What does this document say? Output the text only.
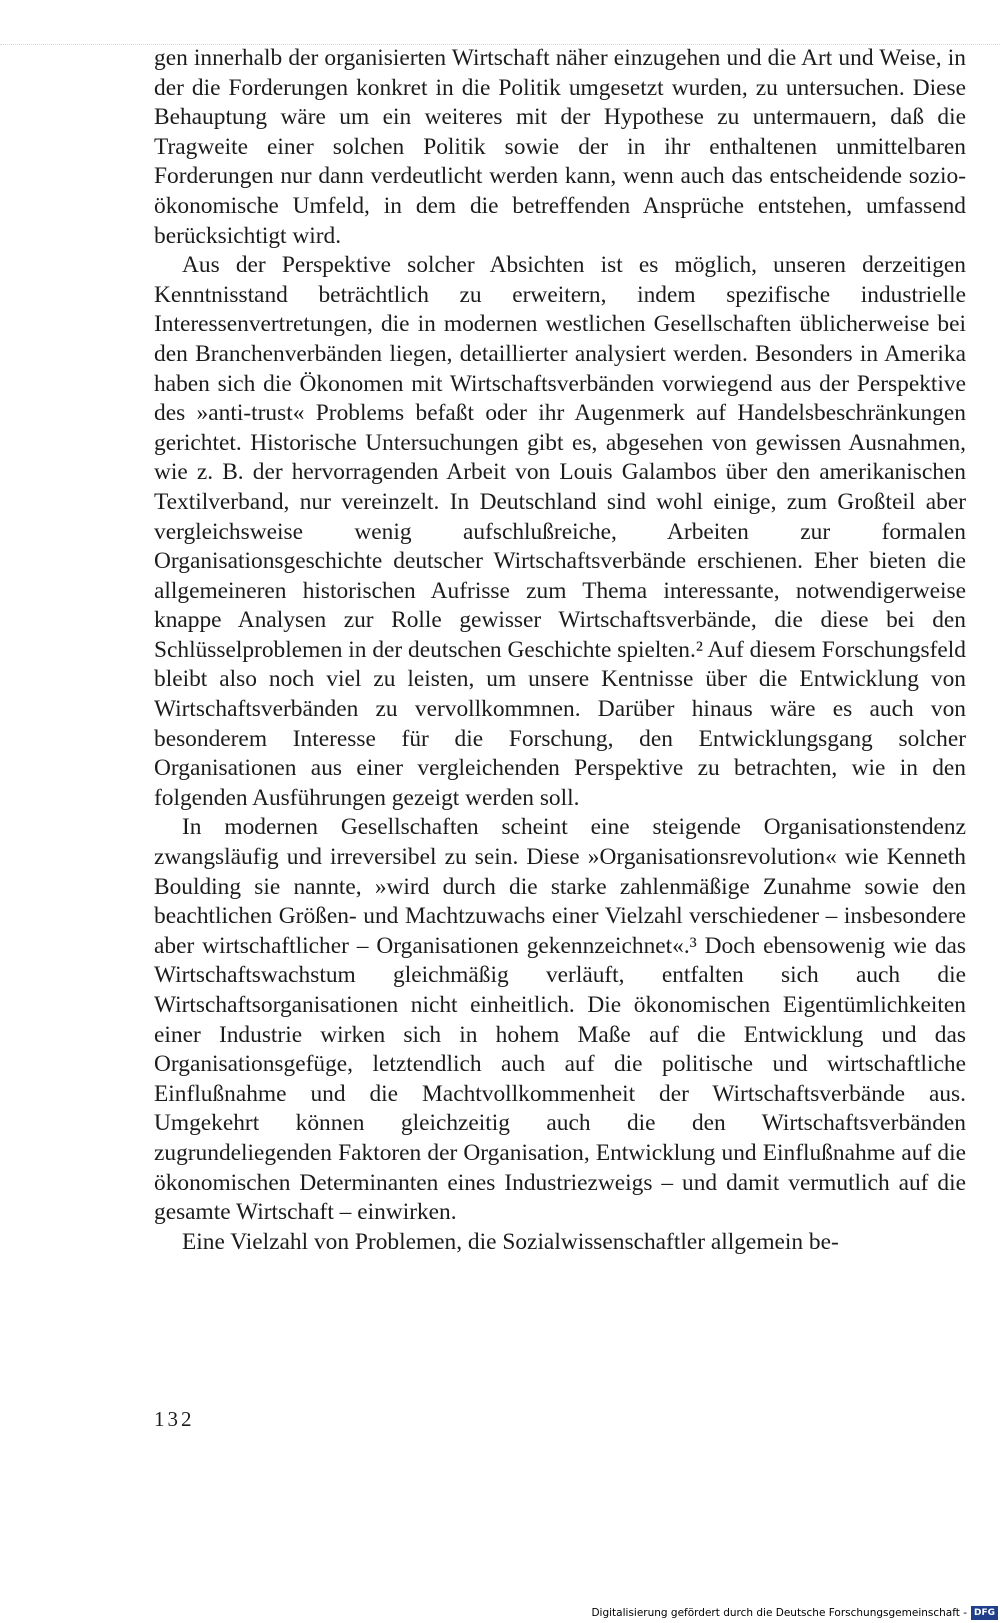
gen innerhalb der organisierten Wirtschaft näher einzugehen und die Art und Weise, in der die Forderungen konkret in die Politik umgesetzt wurden, zu untersuchen. Diese Behauptung wäre um ein weiteres mit der Hypothese zu untermauern, daß die Tragweite einer solchen Politik sowie der in ihr enthaltenen unmittelbaren Forderungen nur dann verdeutlicht werden kann, wenn auch das entscheidende sozio-ökonomische Umfeld, in dem die betreffenden Ansprüche entstehen, umfassend berücksichtigt wird.

Aus der Perspektive solcher Absichten ist es möglich, unseren derzeitigen Kenntnisstand beträchtlich zu erweitern, indem spezifische industrielle Interessenvertretungen, die in modernen westlichen Gesellschaften üblicherweise bei den Branchenverbänden liegen, detaillierter analysiert werden. Besonders in Amerika haben sich die Ökonomen mit Wirtschaftsverbänden vorwiegend aus der Perspektive des »anti-trust« Problems befaßt oder ihr Augenmerk auf Handelsbeschränkungen gerichtet. Historische Untersuchungen gibt es, abgesehen von gewissen Ausnahmen, wie z. B. der hervorragenden Arbeit von Louis Galambos über den amerikanischen Textilverband, nur vereinzelt. In Deutschland sind wohl einige, zum Großteil aber vergleichsweise wenig aufschlußreiche, Arbeiten zur formalen Organisationsgeschichte deutscher Wirtschaftsverbände erschienen. Eher bieten die allgemeineren historischen Aufrisse zum Thema interessante, notwendigerweise knappe Analysen zur Rolle gewisser Wirtschaftsverbände, die diese bei den Schlüsselproblemen in der deutschen Geschichte spielten.² Auf diesem Forschungsfeld bleibt also noch viel zu leisten, um unsere Kentnisse über die Entwicklung von Wirtschaftsverbänden zu vervollkommnen. Darüber hinaus wäre es auch von besonderem Interesse für die Forschung, den Entwicklungsgang solcher Organisationen aus einer vergleichenden Perspektive zu betrachten, wie in den folgenden Ausführungen gezeigt werden soll.

In modernen Gesellschaften scheint eine steigende Organisationstendenz zwangsläufig und irreversibel zu sein. Diese »Organisationsrevolution« wie Kenneth Boulding sie nannte, »wird durch die starke zahlenmäßige Zunahme sowie den beachtlichen Größen- und Machtzuwachs einer Vielzahl verschiedener – insbesondere aber wirtschaftlicher – Organisationen gekennzeichnet«.³ Doch ebensowenig wie das Wirtschaftswachstum gleichmäßig verläuft, entfalten sich auch die Wirtschaftsorganisationen nicht einheitlich. Die ökonomischen Eigentümlichkeiten einer Industrie wirken sich in hohem Maße auf die Entwicklung und das Organisationsgefüge, letztendlich auch auf die politische und wirtschaftliche Einflußnahme und die Machtvollkommenheit der Wirtschaftsverbände aus. Umgekehrt können gleichzeitig auch die den Wirtschaftsverbänden zugrundeliegenden Faktoren der Organisation, Entwicklung und Einflußnahme auf die ökonomischen Determinanten eines Industriezweigs – und damit vermutlich auf die gesamte Wirtschaft – einwirken.

Eine Vielzahl von Problemen, die Sozialwissenschaftler allgemein be-

132
Digitalisierung gefördert durch die Deutsche Forschungsgemeinschaft - DFG
